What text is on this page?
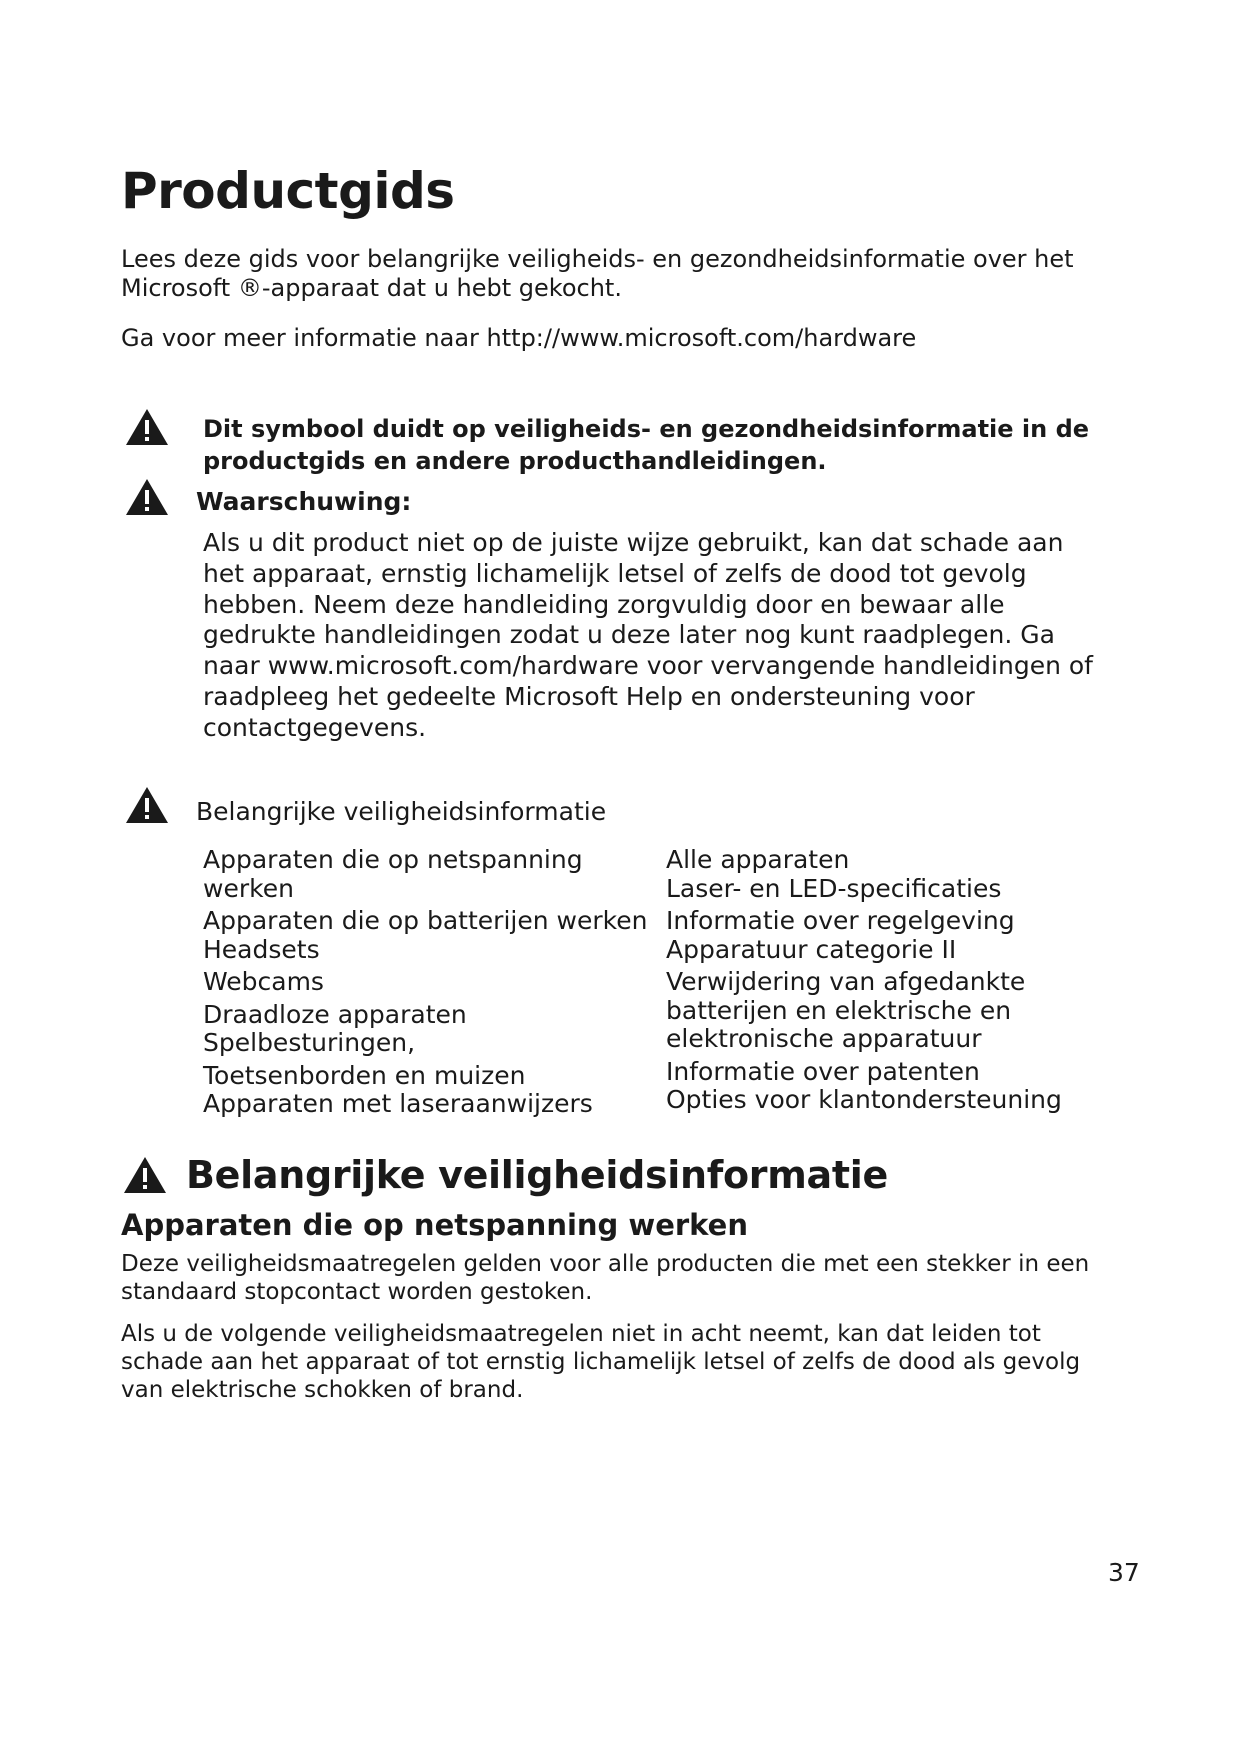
Productgids

Lees deze gids voor belangrijke veiligheids- en gezondheidsinformatie over het Microsoft ®-apparaat dat u hebt gekocht.

Ga voor meer informatie naar http://www.microsoft.com/hardware

Dit symbool duidt op veiligheids- en gezondheidsinformatie in de productgids en andere producthandleidingen.

Waarschuwing:

Als u dit product niet op de juiste wijze gebruikt, kan dat schade aan het apparaat, ernstig lichamelijk letsel of zelfs de dood tot gevolg hebben. Neem deze handleiding zorgvuldig door en bewaar alle gedrukte handleidingen zodat u deze later nog kunt raadplegen. Ga naar www.microsoft.com/hardware voor vervangende handleidingen of raadpleeg het gedeelte Microsoft Help en ondersteuning voor contactgegevens.

Belangrijke veiligheidsinformatie

Apparaten die op netspanning werken
Apparaten die op batterijen werken
Headsets
Webcams
Draadloze apparaten
Spelbesturingen,
Toetsenborden en muizen
Apparaten met laseraanwijzers
Alle apparaten
Laser- en LED-specificaties
Informatie over regelgeving
Apparatuur categorie II
Verwijdering van afgedankte batterijen en elektrische en elektronische apparatuur
Informatie over patenten
Opties voor klantondersteuning
Belangrijke veiligheidsinformatie
Apparaten die op netspanning werken

Deze veiligheidsmaatregelen gelden voor alle producten die met een stekker in een standaard stopcontact worden gestoken.

Als u de volgende veiligheidsmaatregelen niet in acht neemt, kan dat leiden tot schade aan het apparaat of tot ernstig lichamelijk letsel of zelfs de dood als gevolg van elektrische schokken of brand.

37
